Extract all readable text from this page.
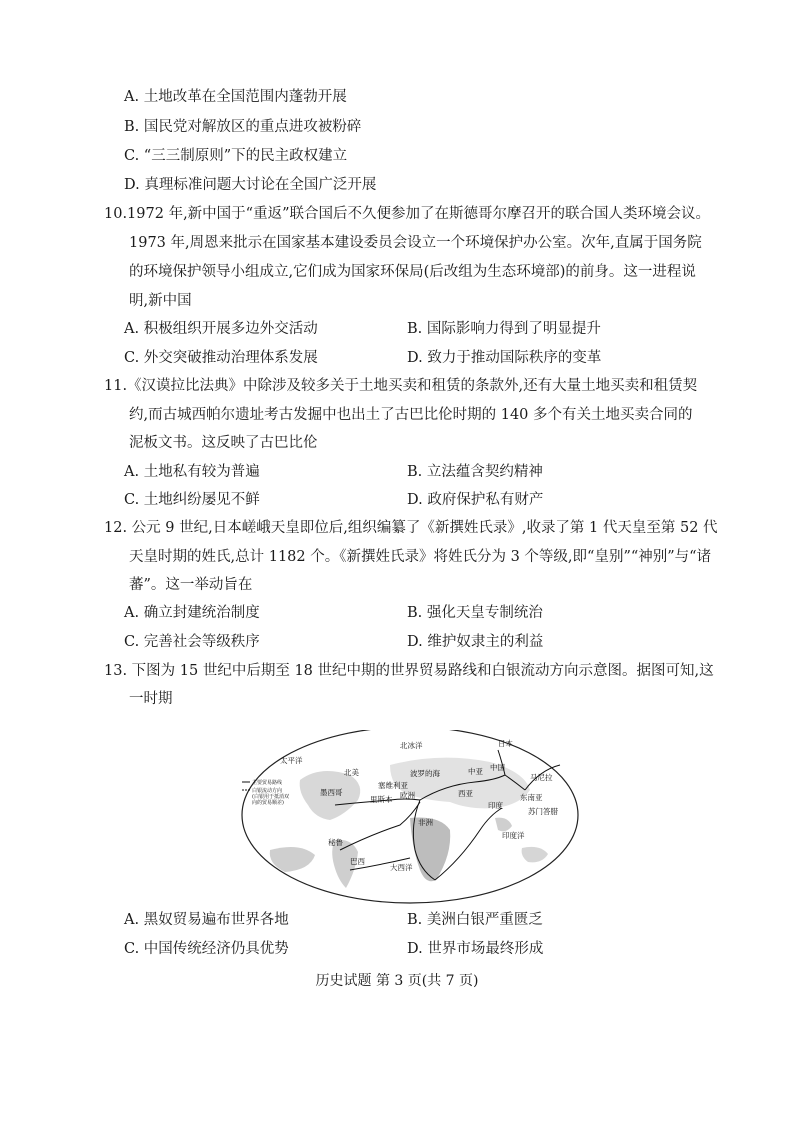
A. 土地改革在全国范围内蓬勃开展
B. 国民党对解放区的重点进攻被粉碎
C. “三三制原则”下的民主政权建立
D. 真理标准问题大讨论在全国广泛开展
10.1972 年,新中国于“重返”联合国后不久便参加了在斯德哥尔摩召开的联合国人类环境会议。
1973 年,周恩来批示在国家基本建设委员会设立一个环境保护办公室。次年,直属于国务院
的环境保护领导小组成立,它们成为国家环保局(后改组为生态环境部)的前身。这一进程说
明,新中国
A. 积极组织开展多边外交活动	B. 国际影响力得到了明显提升
C. 外交突破推动治理体系发展	D. 致力于推动国际秩序的变革
11.《汉谟拉比法典》中除涉及较多关于土地买卖和租赁的条款外,还有大量土地买卖和租赁契
约,而古城西帕尔遗址考古发掘中也出土了古巴比伦时期的 140 多个有关土地买卖合同的
泥板文书。这反映了古巴比伦
A. 土地私有较为普遍	B. 立法蕴含契约精神
C. 土地纠纷屡见不鲜	D. 政府保护私有财产
12. 公元 9 世纪,日本嵯峨天皇即位后,组织编纂了《新撰姓氏录》,收录了第 1 代天皇至第 52 代
天皇时期的姓氏,总计 1182 个。《新撰姓氏录》将姓氏分为 3 个等级,即“皇别”“神别”与“诸
蕃”。这一举动旨在
A. 确立封建统治制度	B. 强化天皇专制统治
C. 完善社会等级秩序	D. 维护奴隶主的利益
13. 下图为 15 世纪中后期至 18 世纪中期的世界贸易路线和白银流动方向示意图。据图可知,这
一时期
北冰洋
太平洋
日本
北美
墨西哥	欧洲
波罗的海	中亚 中国
马尼拉
秘鲁
巴西
西亚
印度
东南亚
苏门答腊
印度洋
非洲
大西洋
里斯本
塞维利亚
主要贸易路线
白银流动方向
(白银用于抵消双
向的贸易顺差)
A. 黑奴贸易遍布世界各地	B. 美洲白银严重匮乏
C. 中国传统经济仍具优势	D. 世界市场最终形成
历史试题 第 3 页(共 7 页)
